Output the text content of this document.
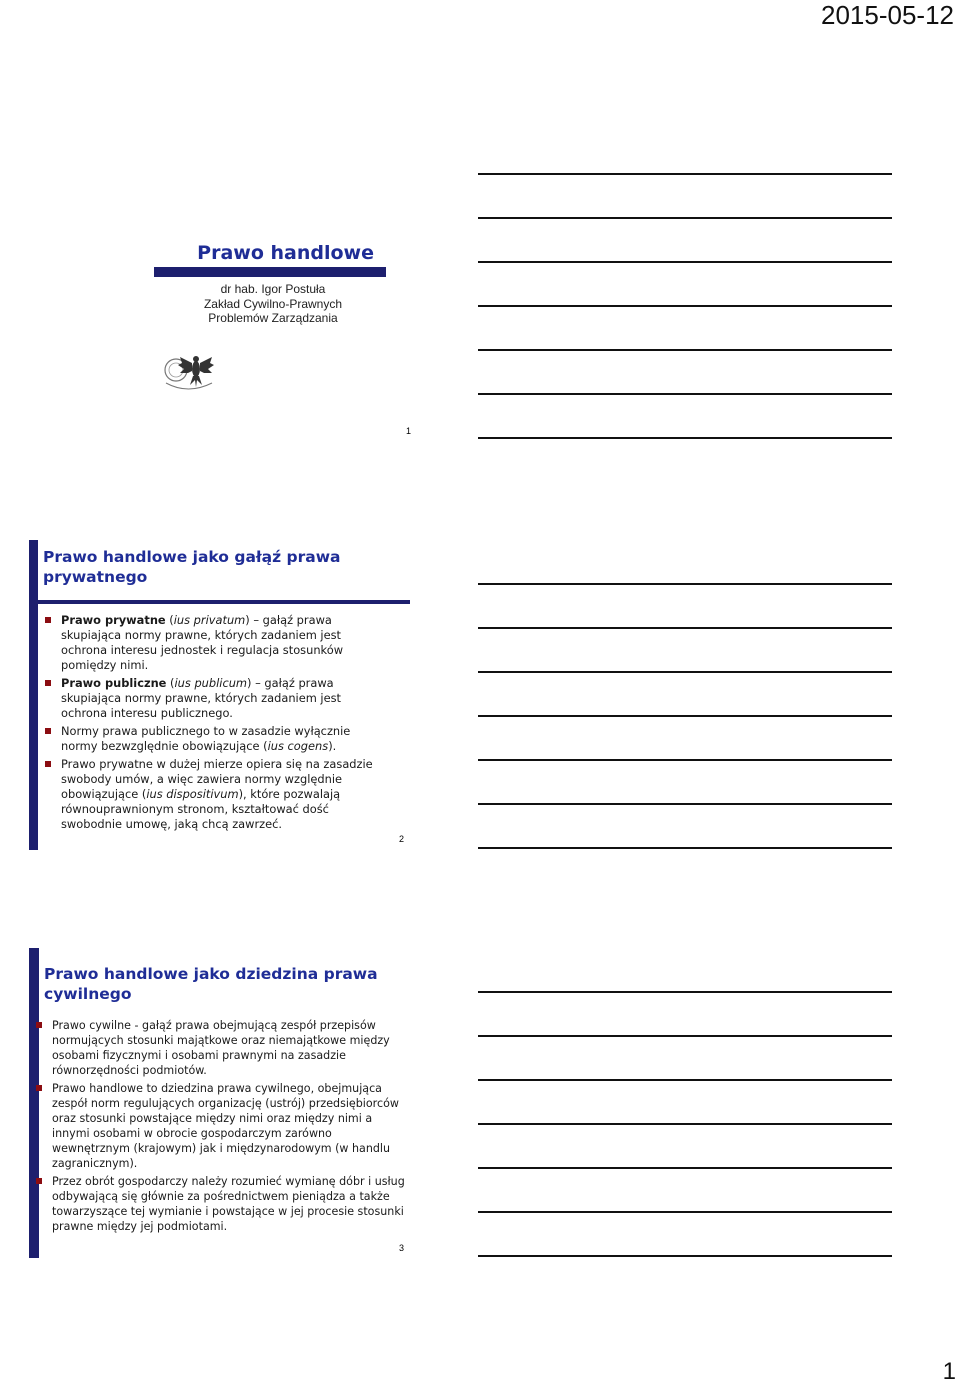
2015-05-12
1
Prawo handlowe
dr hab. Igor Postuła
Zakład Cywilno-Prawnych
Problemów Zarządzania
1
Prawo handlowe jako gałąź prawa
prywatnego
Prawo prywatne (ius privatum) – gałąź prawa skupiająca normy prawne, których zadaniem jest ochrona interesu jednostek i regulacja stosunków pomiędzy nimi.
Prawo publiczne (ius publicum) – gałąź prawa skupiająca normy prawne, których zadaniem jest ochrona interesu publicznego.
Normy prawa publicznego to w zasadzie wyłącznie normy bezwzględnie obowiązujące (ius cogens).
Prawo prywatne w dużej mierze opiera się na zasadzie swobody umów, a więc zawiera normy względnie obowiązujące (ius dispositivum), które pozwalają równouprawnionym stronom, kształtować dość swobodnie umowę, jaką chcą zawrzeć.
2
Prawo handlowe jako dziedzina prawa
cywilnego
Prawo cywilne - gałąź prawa obejmującą zespół przepisów normujących stosunki majątkowe oraz niemajątkowe między osobami fizycznymi i osobami prawnymi na zasadzie równorzędności podmiotów.
Prawo handlowe to dziedzina prawa cywilnego, obejmująca zespół norm regulujących organizację (ustrój) przedsiębiorców oraz stosunki powstające między nimi oraz między nimi a innymi osobami w obrocie gospodarczym zarówno wewnętrznym (krajowym) jak i międzynarodowym (w handlu zagranicznym).
Przez obrót gospodarczy należy rozumieć wymianę dóbr i usług odbywającą się głównie za pośrednictwem pieniądza a także towarzyszące tej wymianie i powstające w jej procesie stosunki prawne między jej podmiotami.
3
